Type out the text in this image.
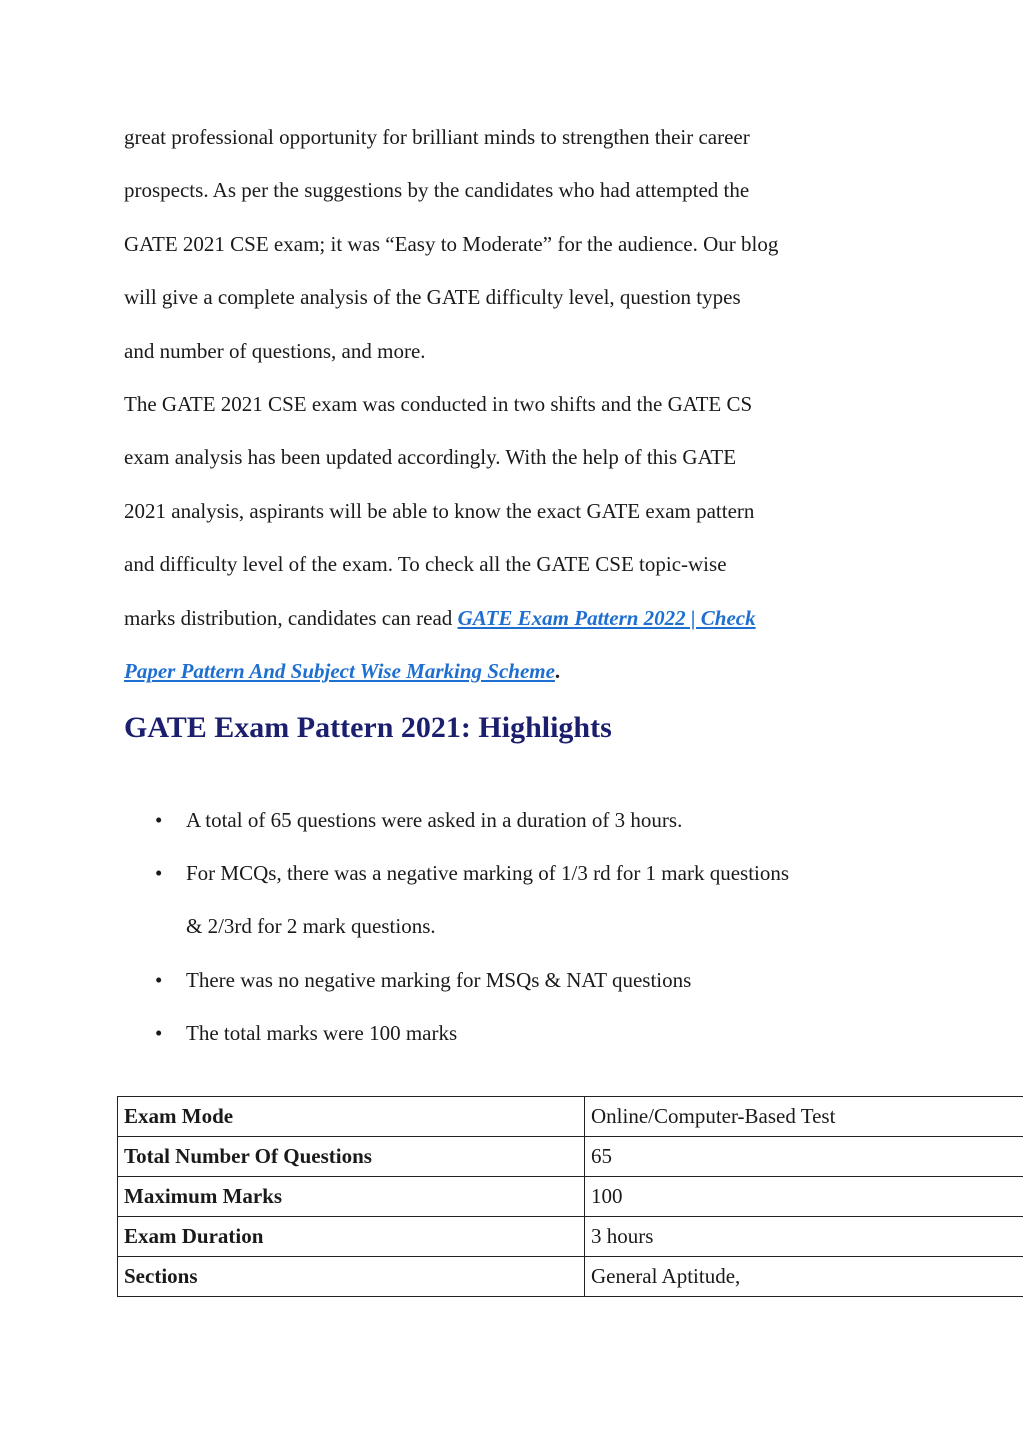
great professional opportunity for brilliant minds to strengthen their career

prospects. As per the suggestions by the candidates who had attempted the

GATE 2021 CSE exam; it was “Easy to Moderate” for the audience. Our blog

will give a complete analysis of the GATE difficulty level, question types

and number of questions, and more.

The GATE 2021 CSE exam was conducted in two shifts and the GATE CS

exam analysis has been updated accordingly. With the help of this GATE

2021 analysis, aspirants will be able to know the exact GATE exam pattern

and difficulty level of the exam. To check all the GATE CSE topic-wise

marks distribution, candidates can read GATE Exam Pattern 2022 | Check

Paper Pattern And Subject Wise Marking Scheme.

GATE Exam Pattern 2021: Highlights
• A total of 65 questions were asked in a duration of 3 hours.
• For MCQs, there was a negative marking of 1/3 rd for 1 mark questions
& 2/3rd for 2 mark questions.
• There was no negative marking for MSQs & NAT questions
• The total marks were 100 marks
Exam Mode	Online/Computer-Based Test
Total Number Of Questions	65
Maximum Marks	100
Exam Duration	3 hours
Sections	General Aptitude,
